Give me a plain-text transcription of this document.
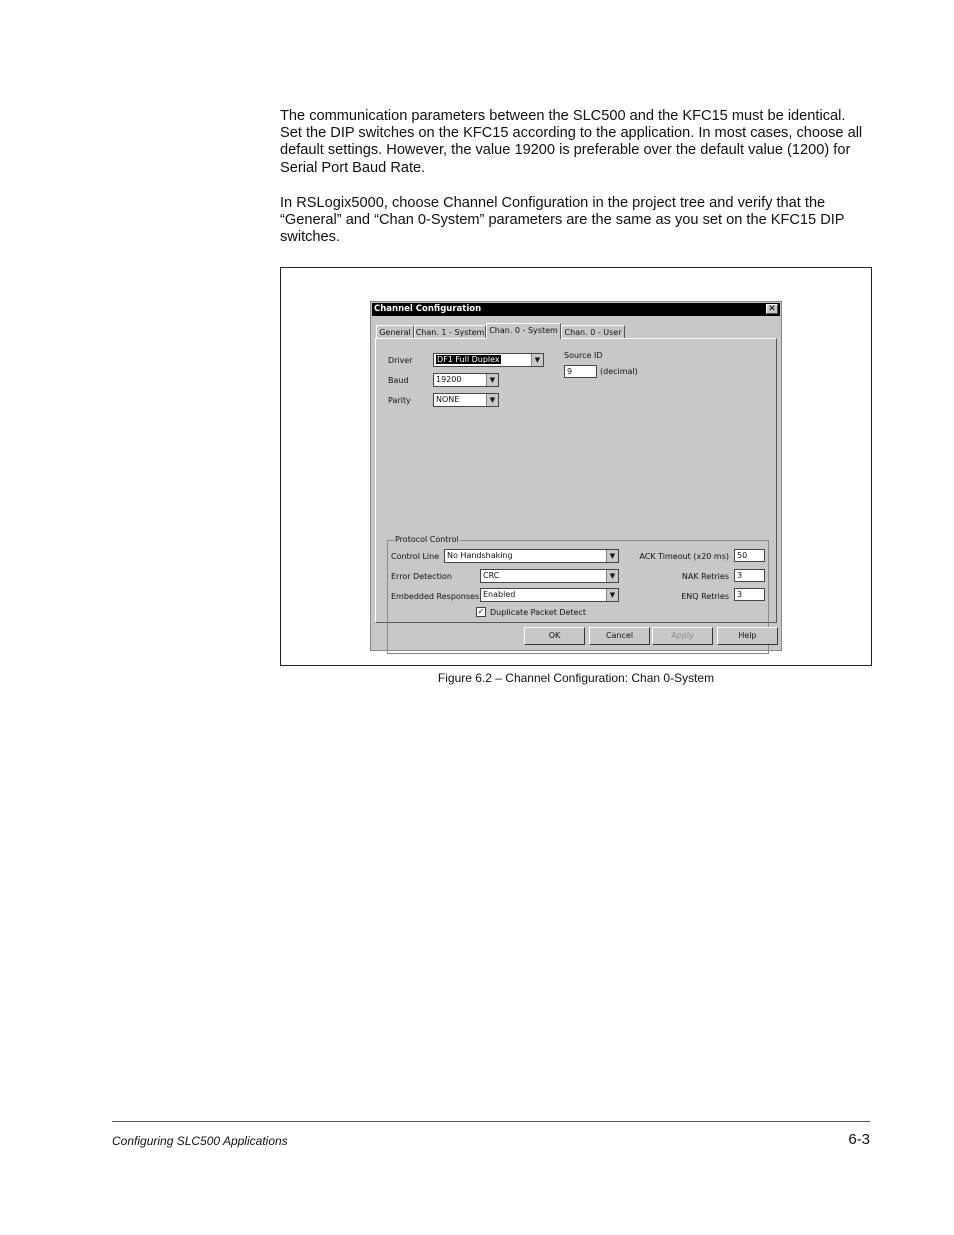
The communication parameters between the SLC500 and the KFC15 must be identical. Set the DIP switches on the KFC15 according to the application. In most cases, choose all default settings. However, the value 19200 is preferable over the default value (1200) for Serial Port Baud Rate.

In RSLogix5000, choose Channel Configuration in the project tree and verify that the “General” and “Chan 0-System” parameters are the same as you set on the KFC15 DIP switches.

Channel Configuration	✕
General Chan. 1 - System Chan. 0 - System Chan. 0 - User
Driver	DF1 Full Duplex	▼
Baud	19200	▼
Parity	NONE	▼
Source ID
9	(decimal)
Protocol Control
Control Line No Handshaking	▼
Error Detection	CRC	▼
Embedded Responses Enabled	▼
✓ Duplicate Packet Detect
ACK Timeout (x20 ms)	50
NAK Retries	3
ENQ Retries	3
OK	Cancel	Apply	Help
Figure 6.2 – Channel Configuration: Chan 0-System
Configuring SLC500 Applications	6-3
